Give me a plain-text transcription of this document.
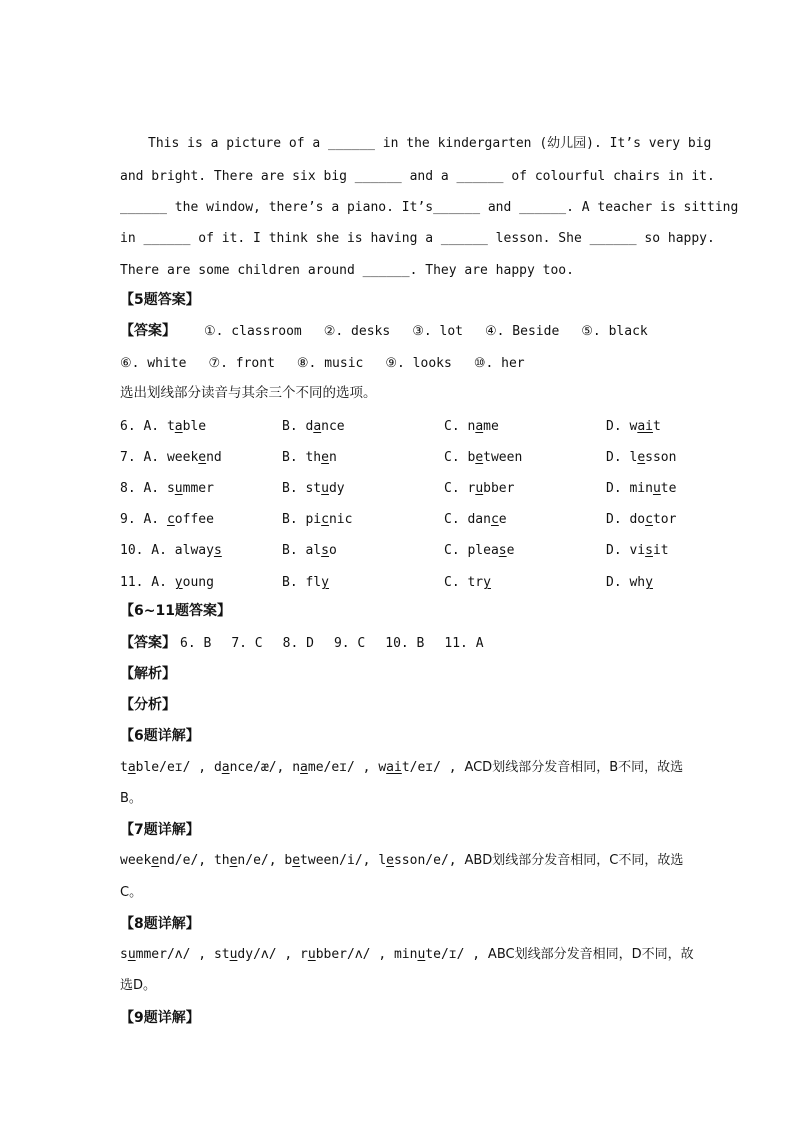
This is a picture of a ______ in the kindergarten (幼儿园). It’s very big
and bright. There are six big ______ and a ______ of colourful chairs in it.
______ the window, there’s a piano. It’s______ and ______. A teacher is sitting
in ______ of it. I think she is having a ______ lesson. She ______ so happy.
There are some children around ______. They are happy too.
【5题答案】
【答案】 ①. classroom ②. desks ③. lot ④. Beside ⑤. black
⑥. white ⑦. front ⑧. music ⑨. looks ⑩. her
选出划线部分读音与其余三个不同的选项。
6. A. table	B. dance	C. name	D. wait
7. A. weekend	B. then	C. between	D. lesson
8. A. summer	B. study	C. rubber	D. minute
9. A. coffee	B. picnic	C. dance	D. doctor
10. A. always	B. also	C. please	D. visit
11. A. young	B. fly	C. try	D. why
【6~11题答案】
【答案】 6. B 7. C 8. D 9. C 10. B 11. A
【解析】
【分析】
【6题详解】
table/eɪ/ , dance/æ/, name/eɪ/ , wait/eɪ/ , ACD划线部分发音相同，B不同，故选
B。
【7题详解】
weekend/e/, then/e/, between/i/, lesson/e/, ABD划线部分发音相同，C不同，故选
C。
【8题详解】
summer/ʌ/ , study/ʌ/ , rubber/ʌ/ , minute/ɪ/ , ABC划线部分发音相同，D不同，故
选D。
【9题详解】
